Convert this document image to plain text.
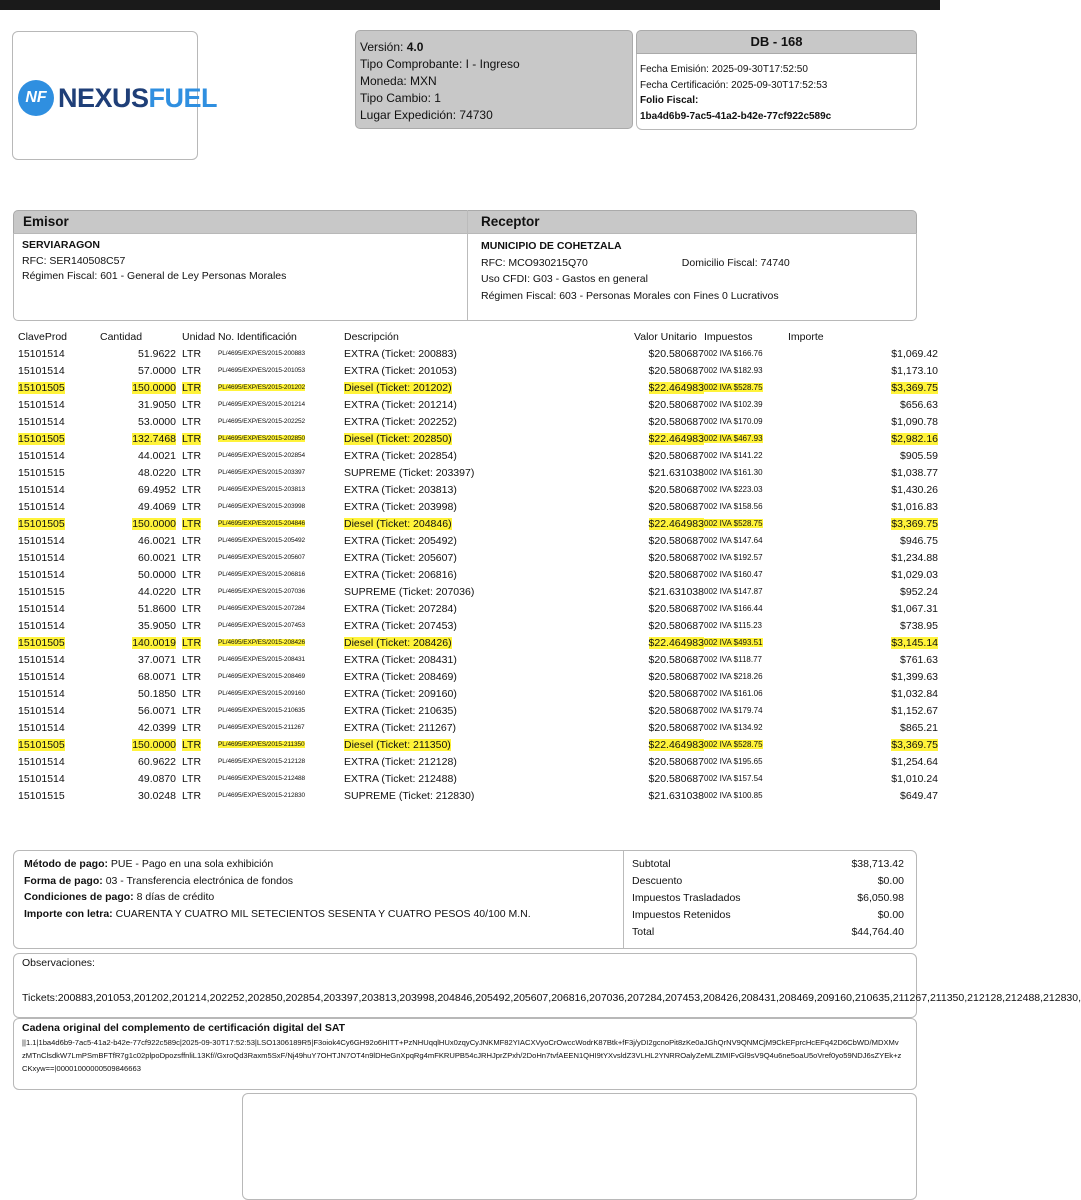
NF NEXUSFUEL
Versión: 4.0
Tipo Comprobante: I - Ingreso
Moneda: MXN
Tipo Cambio: 1
Lugar Expedición: 74730
DB - 168
Fecha Emisión: 2025-09-30T17:52:50
Fecha Certificación: 2025-09-30T17:52:53
Folio Fiscal:
1ba4d6b9-7ac5-41a2-b42e-77cf922c589c
Emisor	Receptor
SERVIARAGON
RFC: SER140508C57
Régimen Fiscal: 601 - General de Ley Personas Morales
MUNICIPIO DE COHETZALA
RFC: MCO930215Q70	Domicilio Fiscal: 74740
Uso CFDI: G03 - Gastos en general
Régimen Fiscal: 603 - Personas Morales con Fines 0 Lucrativos
ClaveProd	Cantidad	Unidad	No. Identificación	Descripción	Valor Unitario	Impuestos	Importe
15101514	51.9622	LTR	PL/4695/EXP/ES/2015-200883	EXTRA (Ticket: 200883)	$20.580687	002 IVA $166.76	$1,069.42
15101514	57.0000	LTR	PL/4695/EXP/ES/2015-201053	EXTRA (Ticket: 201053)	$20.580687	002 IVA $182.93	$1,173.10
15101505	150.0000	LTR	PL/4695/EXP/ES/2015-201202	Diesel (Ticket: 201202)	$22.464983	002 IVA $528.75	$3,369.75
15101514	31.9050	LTR	PL/4695/EXP/ES/2015-201214	EXTRA (Ticket: 201214)	$20.580687	002 IVA $102.39	$656.63
15101514	53.0000	LTR	PL/4695/EXP/ES/2015-202252	EXTRA (Ticket: 202252)	$20.580687	002 IVA $170.09	$1,090.78
15101505	132.7468	LTR	PL/4695/EXP/ES/2015-202850	Diesel (Ticket: 202850)	$22.464983	002 IVA $467.93	$2,982.16
15101514	44.0021	LTR	PL/4695/EXP/ES/2015-202854	EXTRA (Ticket: 202854)	$20.580687	002 IVA $141.22	$905.59
15101515	48.0220	LTR	PL/4695/EXP/ES/2015-203397	SUPREME (Ticket: 203397)	$21.631038	002 IVA $161.30	$1,038.77
15101514	69.4952	LTR	PL/4695/EXP/ES/2015-203813	EXTRA (Ticket: 203813)	$20.580687	002 IVA $223.03	$1,430.26
15101514	49.4069	LTR	PL/4695/EXP/ES/2015-203998	EXTRA (Ticket: 203998)	$20.580687	002 IVA $158.56	$1,016.83
15101505	150.0000	LTR	PL/4695/EXP/ES/2015-204846	Diesel (Ticket: 204846)	$22.464983	002 IVA $528.75	$3,369.75
15101514	46.0021	LTR	PL/4695/EXP/ES/2015-205492	EXTRA (Ticket: 205492)	$20.580687	002 IVA $147.64	$946.75
15101514	60.0021	LTR	PL/4695/EXP/ES/2015-205607	EXTRA (Ticket: 205607)	$20.580687	002 IVA $192.57	$1,234.88
15101514	50.0000	LTR	PL/4695/EXP/ES/2015-206816	EXTRA (Ticket: 206816)	$20.580687	002 IVA $160.47	$1,029.03
15101515	44.0220	LTR	PL/4695/EXP/ES/2015-207036	SUPREME (Ticket: 207036)	$21.631038	002 IVA $147.87	$952.24
15101514	51.8600	LTR	PL/4695/EXP/ES/2015-207284	EXTRA (Ticket: 207284)	$20.580687	002 IVA $166.44	$1,067.31
15101514	35.9050	LTR	PL/4695/EXP/ES/2015-207453	EXTRA (Ticket: 207453)	$20.580687	002 IVA $115.23	$738.95
15101505	140.0019	LTR	PL/4695/EXP/ES/2015-208426	Diesel (Ticket: 208426)	$22.464983	002 IVA $493.51	$3,145.14
15101514	37.0071	LTR	PL/4695/EXP/ES/2015-208431	EXTRA (Ticket: 208431)	$20.580687	002 IVA $118.77	$761.63
15101514	68.0071	LTR	PL/4695/EXP/ES/2015-208469	EXTRA (Ticket: 208469)	$20.580687	002 IVA $218.26	$1,399.63
15101514	50.1850	LTR	PL/4695/EXP/ES/2015-209160	EXTRA (Ticket: 209160)	$20.580687	002 IVA $161.06	$1,032.84
15101514	56.0071	LTR	PL/4695/EXP/ES/2015-210635	EXTRA (Ticket: 210635)	$20.580687	002 IVA $179.74	$1,152.67
15101514	42.0399	LTR	PL/4695/EXP/ES/2015-211267	EXTRA (Ticket: 211267)	$20.580687	002 IVA $134.92	$865.21
15101505	150.0000	LTR	PL/4695/EXP/ES/2015-211350	Diesel (Ticket: 211350)	$22.464983	002 IVA $528.75	$3,369.75
15101514	60.9622	LTR	PL/4695/EXP/ES/2015-212128	EXTRA (Ticket: 212128)	$20.580687	002 IVA $195.65	$1,254.64
15101514	49.0870	LTR	PL/4695/EXP/ES/2015-212488	EXTRA (Ticket: 212488)	$20.580687	002 IVA $157.54	$1,010.24
15101515	30.0248	LTR	PL/4695/EXP/ES/2015-212830	SUPREME (Ticket: 212830)	$21.631038	002 IVA $100.85	$649.47
Método de pago: PUE - Pago en una sola exhibición
Forma de pago: 03 - Transferencia electrónica de fondos
Condiciones de pago: 8 días de crédito
Importe con letra: CUARENTA Y CUATRO MIL SETECIENTOS SESENTA Y CUATRO PESOS 40/100 M.N.
Subtotal	$38,713.42
Descuento	$0.00
Impuestos Trasladados	$6,050.98
Impuestos Retenidos	$0.00
Total	$44,764.40
Observaciones:
Tickets:200883,201053,201202,201214,202252,202850,202854,203397,203813,203998,204846,205492,205607,206816,207036,207284,207453,208426,208431,208469,209160,210635,211267,211350,212128,212488,212830,
Cadena original del complemento de certificación digital del SAT
||1.1|1ba4d6b9-7ac5-41a2-b42e-77cf922c589c|2025-09-30T17:52:53|LSO1306189R5|F3oiok4Cy6GH92o6HITT+PzNHUqqlHUx0zqyCyJNKMF82YIACXVyoCrOwccWodrK87Btk+fF3j/yDI2gcnoPit8zKe0aJGhQrNV9QNMCjM9CkEFprcHcEFq42D6CbWD/MDXMvzMTnClsdkW7LmPSmBFTfR7g1c02plpoDpozsffnliL13Kf//GxroQd3Raxm5SxF/Nj49huY7OHTJN7OT4n9lDHeGnXpqRg4mFKRUPB54cJRHJprZPxh/2DoHn7tvfAEEN1QHI9tYXvsldZ3VLHL2YNRROalyZeMLZtMIFvGl9sV9Q4u6ne5oaU5oVref0yo59NDJ6sZYEk+zCKxyw==|00001000000509846663
